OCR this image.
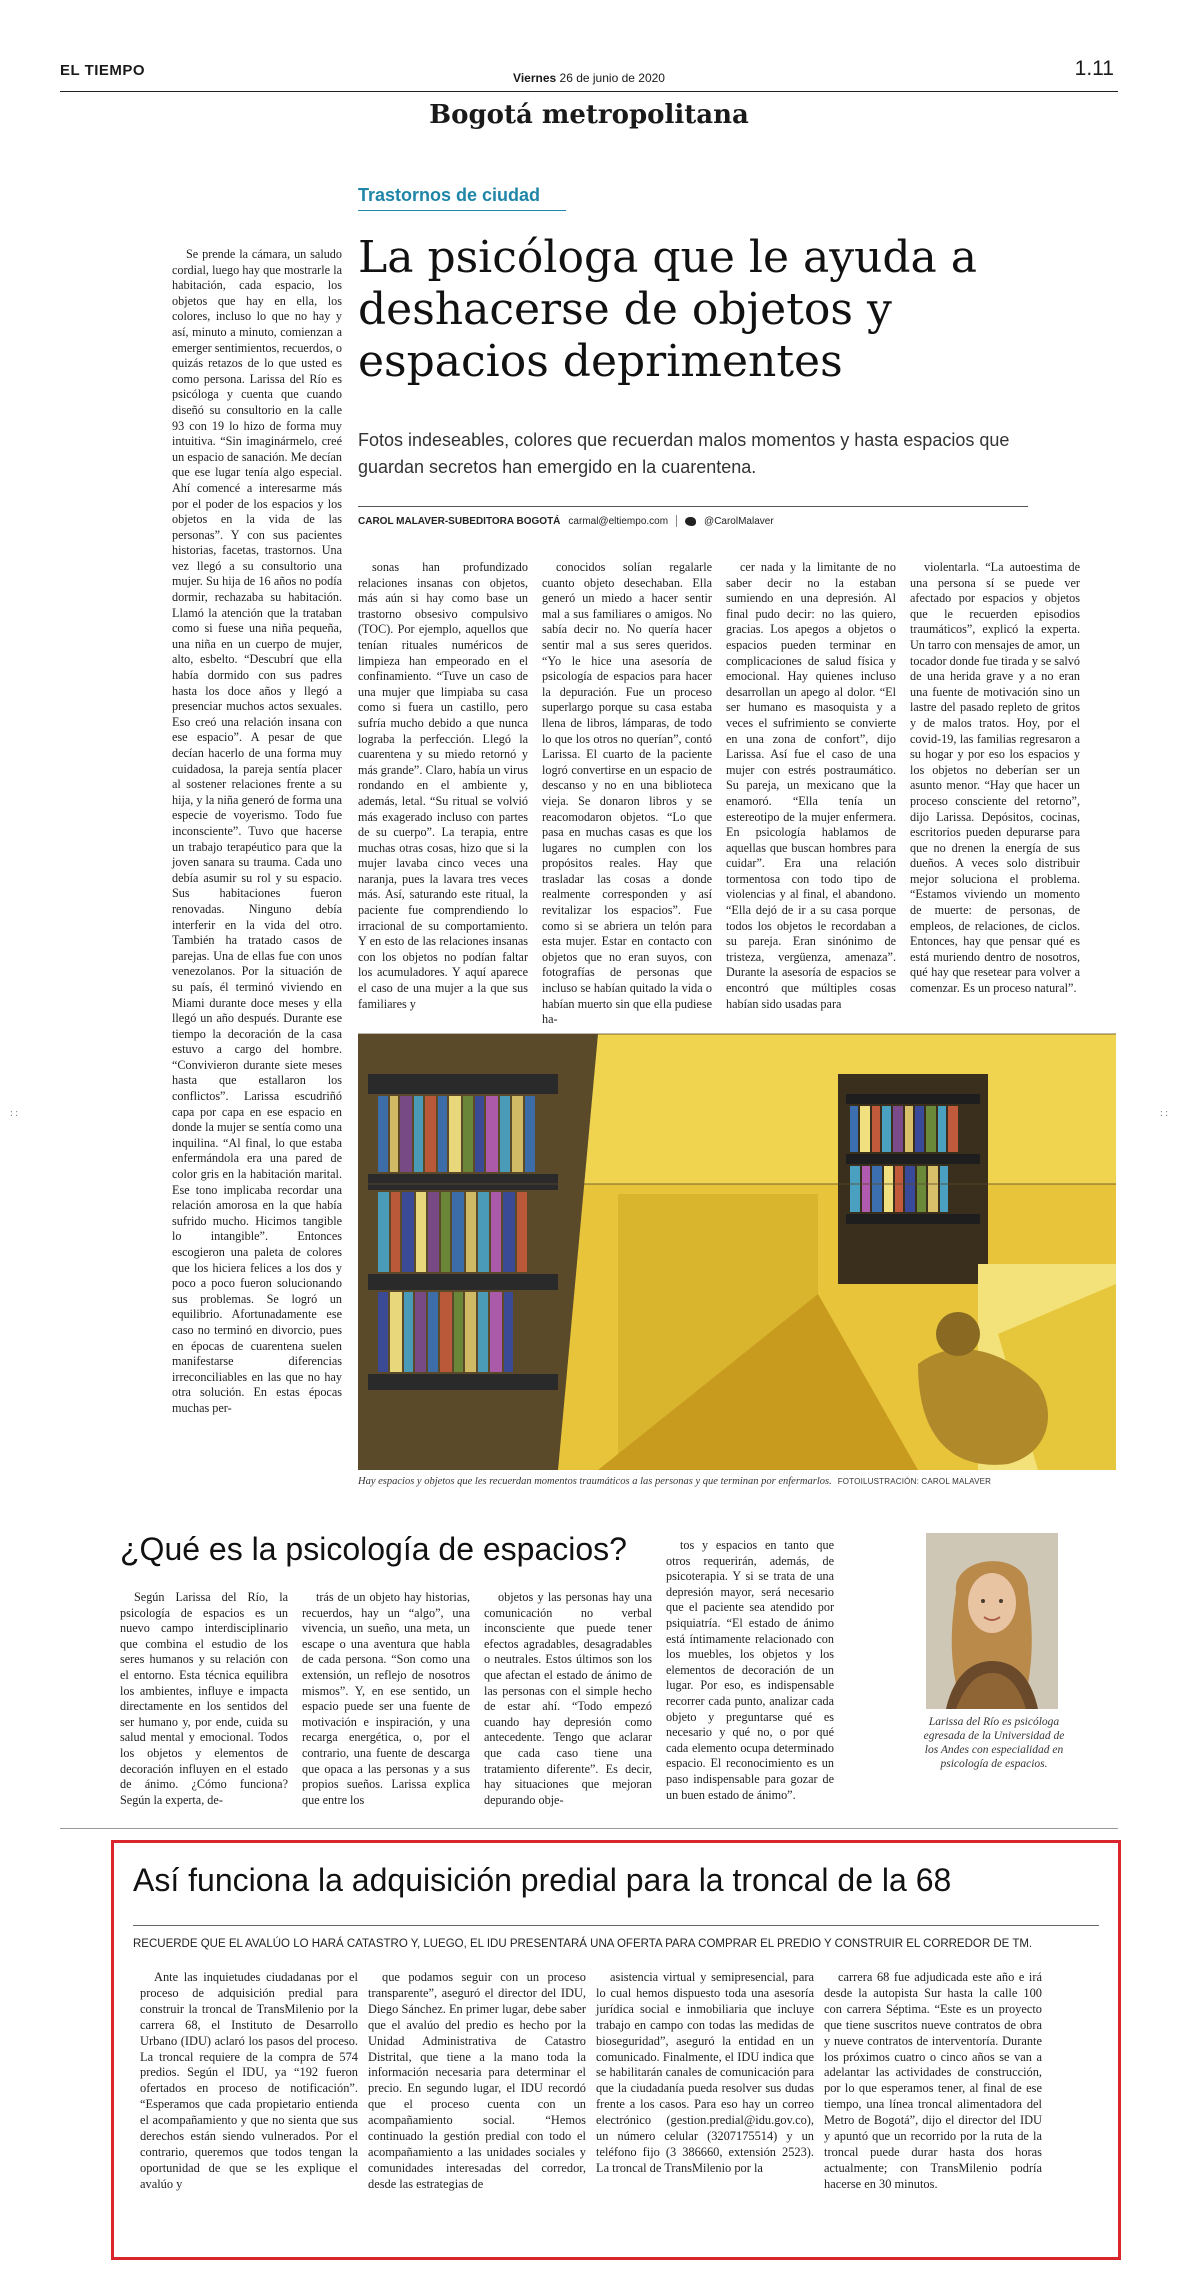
EL TIEMPO	Viernes 26 de junio de 2020	1.11
Bogotá metropolitana
Trastornos de ciudad
La psicóloga que le ayuda a deshacerse de objetos y espacios deprimentes
Fotos indeseables, colores que recuerdan malos momentos y hasta espacios que guardan secretos han emergido en la cuarentena.
CAROL MALAVER-SUBEDITORA BOGOTÁ carmal@eltiempo.com	@CarolMalaver

Se prende la cámara, un saludo cordial, luego hay que mostrarle la habitación, cada espacio, los objetos que hay en ella, los colores, incluso lo que no hay y así, minuto a minuto, comienzan a emerger sentimientos, recuerdos, o quizás retazos de lo que usted es como persona. Larissa del Río es psicóloga y cuenta que cuando diseñó su consultorio en la calle 93 con 19 lo hizo de forma muy intuitiva. “Sin imaginármelo, creé un espacio de sanación. Me decían que ese lugar tenía algo especial. Ahí comencé a interesarme más por el poder de los espacios y los objetos en la vida de las personas”. Y con sus pacientes historias, facetas, trastornos. Una vez llegó a su consultorio una mujer. Su hija de 16 años no podía dormir, rechazaba su habitación. Llamó la atención que la trataban como si fuese una niña pequeña, una niña en un cuerpo de mujer, alto, esbelto. “Descubrí que ella había dormido con sus padres hasta los doce años y llegó a presenciar muchos actos sexuales. Eso creó una relación insana con ese espacio”. A pesar de que decían hacerlo de una forma muy cuidadosa, la pareja sentía placer al sostener relaciones frente a su hija, y la niña generó de forma una especie de voyerismo. Todo fue inconsciente”. Tuvo que hacerse un trabajo terapéutico para que la joven sanara su trauma. Cada uno debía asumir su rol y su espacio. Sus habitaciones fueron renovadas. Ninguno debía interferir en la vida del otro. También ha tratado casos de parejas. Una de ellas fue con unos venezolanos. Por la situación de su país, él terminó viviendo en Miami durante doce meses y ella llegó un año después. Durante ese tiempo la decoración de la casa estuvo a cargo del hombre. “Convivieron durante siete meses hasta que estallaron los conflictos”. Larissa escudriñó capa por capa en ese espacio en donde la mujer se sentía como una inquilina. “Al final, lo que estaba enfermándola era una pared de color gris en la habitación marital. Ese tono implicaba recordar una relación amorosa en la que había sufrido mucho. Hicimos tangible lo intangible”. Entonces escogieron una paleta de colores que los hiciera felices a los dos y poco a poco fueron solucionando sus problemas. Se logró un equilibrio. Afortunadamente ese caso no terminó en divorcio, pues en épocas de cuarentena suelen manifestarse diferencias irreconciliables en las que no hay otra solución. En estas épocas muchas per-

sonas han profundizado relaciones insanas con objetos, más aún si hay como base un trastorno obsesivo compulsivo (TOC). Por ejemplo, aquellos que tenían rituales numéricos de limpieza han empeorado en el confinamiento. “Tuve un caso de una mujer que limpiaba su casa como si fuera un castillo, pero sufría mucho debido a que nunca lograba la perfección. Llegó la cuarentena y su miedo retornó y más grande”. Claro, había un virus rondando en el ambiente y, además, letal. “Su ritual se volvió más exagerado incluso con partes de su cuerpo”. La terapia, entre muchas otras cosas, hizo que si la mujer lavaba cinco veces una naranja, pues la lavara tres veces más. Así, saturando este ritual, la paciente fue comprendiendo lo irracional de su comportamiento. Y en esto de las relaciones insanas con los objetos no podían faltar los acumuladores. Y aquí aparece el caso de una mujer a la que sus familiares y

conocidos solían regalarle cuanto objeto desechaban. Ella generó un miedo a hacer sentir mal a sus familiares o amigos. No sabía decir no. No quería hacer sentir mal a sus seres queridos. “Yo le hice una asesoría de psicología de espacios para hacer la depuración. Fue un proceso superlargo porque su casa estaba llena de libros, lámparas, de todo lo que los otros no querían”, contó Larissa. El cuarto de la paciente logró convertirse en un espacio de descanso y no en una biblioteca vieja. Se donaron libros y se reacomodaron objetos. “Lo que pasa en muchas casas es que los lugares no cumplen con los propósitos reales. Hay que trasladar las cosas a donde realmente corresponden y así revitalizar los espacios”. Fue como si se abriera un telón para esta mujer. Estar en contacto con objetos que no eran suyos, con fotografías de personas que incluso se habían quitado la vida o habían muerto sin que ella pudiese ha-

cer nada y la limitante de no saber decir no la estaban sumiendo en una depresión. Al final pudo decir: no las quiero, gracias. Los apegos a objetos o espacios pueden terminar en complicaciones de salud física y emocional. Hay quienes incluso desarrollan un apego al dolor. “El ser humano es masoquista y a veces el sufrimiento se convierte en una zona de confort”, dijo Larissa. Así fue el caso de una mujer con estrés postraumático. Su pareja, un mexicano que la enamoró. “Ella tenía un estereotipo de la mujer enfermera. En psicología hablamos de aquellas que buscan hombres para cuidar”. Era una relación tormentosa con todo tipo de violencias y al final, el abandono. “Ella dejó de ir a su casa porque todos los objetos le recordaban a su pareja. Eran sinónimo de tristeza, vergüenza, amenaza”. Durante la asesoría de espacios se encontró que múltiples cosas habían sido usadas para

violentarla. “La autoestima de una persona sí se puede ver afectado por espacios y objetos que le recuerden episodios traumáticos”, explicó la experta. Un tarro con mensajes de amor, un tocador donde fue tirada y se salvó de una herida grave y a no eran una fuente de motivación sino un lastre del pasado repleto de gritos y de malos tratos. Hoy, por el covid-19, las familias regresaron a su hogar y por eso los espacios y los objetos no deberían ser un asunto menor. “Hay que hacer un proceso consciente del retorno”, dijo Larissa. Depósitos, cocinas, escritorios pueden depurarse para que no drenen la energía de sus dueños. A veces solo distribuir mejor soluciona el problema. “Estamos viviendo un momento de muerte: de personas, de empleos, de relaciones, de ciclos. Entonces, hay que pensar qué es está muriendo dentro de nosotros, qué hay que resetear para volver a comenzar. Es un proceso natural”.

Hay espacios y objetos que les recuerdan momentos traumáticos a las personas y que terminan por enfermarlos. FOTOILUSTRACIÓN: CAROL MALAVER
: :	: :
¿Qué es la psicología de espacios?

Según Larissa del Río, la psicología de espacios es un nuevo campo interdisciplinario que combina el estudio de los seres humanos y su relación con el entorno. Esta técnica equilibra los ambientes, influye e impacta directamente en los sentidos del ser humano y, por ende, cuida su salud mental y emocional. Todos los objetos y elementos de decoración influyen en el estado de ánimo. ¿Cómo funciona? Según la experta, de-

trás de un objeto hay historias, recuerdos, hay un “algo”, una vivencia, un sueño, una meta, un escape o una aventura que habla de cada persona. “Son como una extensión, un reflejo de nosotros mismos”. Y, en ese sentido, un espacio puede ser una fuente de motivación e inspiración, y una recarga energética, o, por el contrario, una fuente de descarga que opaca a las personas y a sus propios sueños. Larissa explica que entre los

objetos y las personas hay una comunicación no verbal inconsciente que puede tener efectos agradables, desagradables o neutrales. Estos últimos son los que afectan el estado de ánimo de las personas con el simple hecho de estar ahí. “Todo empezó cuando hay depresión como antecedente. Tengo que aclarar que cada caso tiene una tratamiento diferente”. Es decir, hay situaciones que mejoran depurando obje-

tos y espacios en tanto que otros requerirán, además, de psicoterapia. Y si se trata de una depresión mayor, será necesario que el paciente sea atendido por psiquiatría. “El estado de ánimo está íntimamente relacionado con los muebles, los objetos y los elementos de decoración de un lugar. Por eso, es indispensable recorrer cada punto, analizar cada objeto y preguntarse qué es necesario y qué no, o por qué cada elemento ocupa determinado espacio. El reconocimiento es un paso indispensable para gozar de un buen estado de ánimo”.

Larissa del Río es psicóloga egresada de la Universidad de los Andes con especialidad en psicología de espacios.
Así funciona la adquisición predial para la troncal de la 68
RECUERDE QUE EL AVALÚO LO HARÁ CATASTRO Y, LUEGO, EL IDU PRESENTARÁ UNA OFERTA PARA COMPRAR EL PREDIO Y CONSTRUIR EL CORREDOR DE TM.

Ante las inquietudes ciudadanas por el proceso de adquisición predial para construir la troncal de TransMilenio por la carrera 68, el Instituto de Desarrollo Urbano (IDU) aclaró los pasos del proceso. La troncal requiere de la compra de 574 predios. Según el IDU, ya “192 fueron ofertados en proceso de notificación”. “Esperamos que cada propietario entienda el acompañamiento y que no sienta que sus derechos están siendo vulnerados. Por el contrario, queremos que todos tengan la oportunidad de que se les explique el avalúo y

que podamos seguir con un proceso transparente”, aseguró el director del IDU, Diego Sánchez. En primer lugar, debe saber que el avalúo del predio es hecho por la Unidad Administrativa de Catastro Distrital, que tiene a la mano toda la información necesaria para determinar el precio. En segundo lugar, el IDU recordó que el proceso cuenta con un acompañamiento social. “Hemos continuado la gestión predial con todo el acompañamiento a las unidades sociales y comunidades interesadas del corredor, desde las estrategias de

asistencia virtual y semipresencial, para lo cual hemos dispuesto toda una asesoría jurídica social e inmobiliaria que incluye trabajo en campo con todas las medidas de bioseguridad”, aseguró la entidad en un comunicado. Finalmente, el IDU indica que se habilitarán canales de comunicación para que la ciudadanía pueda resolver sus dudas frente a los casos. Para eso hay un correo electrónico (gestion.predial@idu.gov.co), un número celular (3207175514) y un teléfono fijo (3 386660, extensión 2523). La troncal de TransMilenio por la

carrera 68 fue adjudicada este año e irá desde la autopista Sur hasta la calle 100 con carrera Séptima. “Este es un proyecto que tiene suscritos nueve contratos de obra y nueve contratos de interventoría. Durante los próximos cuatro o cinco años se van a adelantar las actividades de construcción, por lo que esperamos tener, al final de ese tiempo, una línea troncal alimentadora del Metro de Bogotá”, dijo el director del IDU y apuntó que un recorrido por la ruta de la troncal puede durar hasta dos horas actualmente; con TransMilenio podría hacerse en 30 minutos.
